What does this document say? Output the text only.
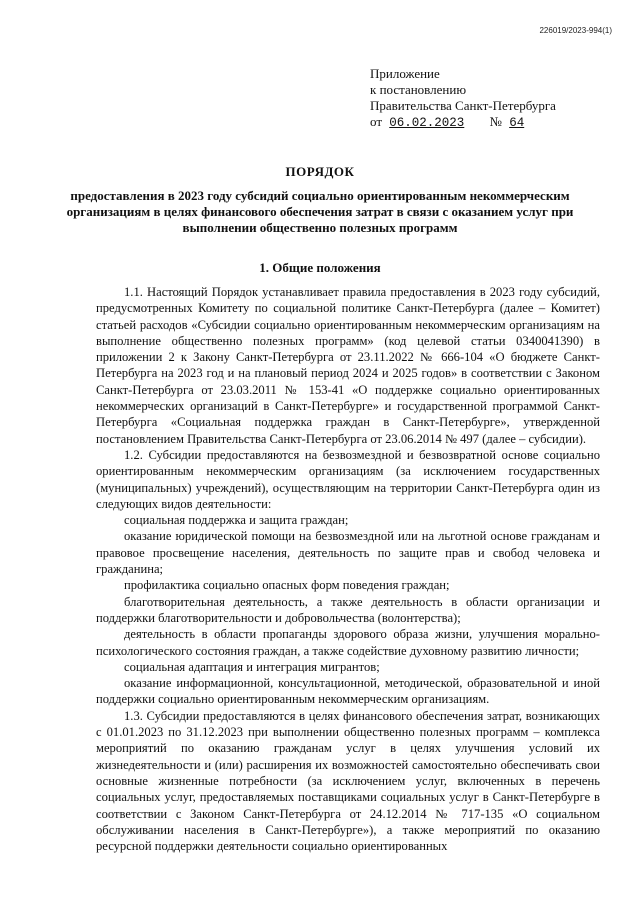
226019/2023-994(1)
Приложение
к постановлению
Правительства Санкт-Петербурга
от 06.02.2023 № 64
ПОРЯДОК
предоставления в 2023 году субсидий социально ориентированным некоммерческим организациям в целях финансового обеспечения затрат в связи с оказанием услуг при выполнении общественно полезных программ
1. Общие положения

1.1. Настоящий Порядок устанавливает правила предоставления в 2023 году субсидий, предусмотренных Комитету по социальной политике Санкт-Петербурга (далее – Комитет) статьей расходов «Субсидии социально ориентированным некоммерческим организациям на выполнение общественно полезных программ» (код целевой статьи 0340041390) в приложении 2 к Закону Санкт-Петербурга от 23.11.2022 № 666-104 «О бюджете Санкт-Петербурга на 2023 год и на плановый период 2024 и 2025 годов» в соответствии с Законом Санкт-Петербурга от 23.03.2011 № 153-41 «О поддержке социально ориентированных некоммерческих организаций в Санкт-Петербурге» и государственной программой Санкт-Петербурга «Социальная поддержка граждан в Санкт-Петербурге», утвержденной постановлением Правительства Санкт-Петербурга от 23.06.2014 № 497 (далее – субсидии).

1.2. Субсидии предоставляются на безвозмездной и безвозвратной основе социально ориентированным некоммерческим организациям (за исключением государственных (муниципальных) учреждений), осуществляющим на территории Санкт-Петербурга один из следующих видов деятельности:

социальная поддержка и защита граждан;

оказание юридической помощи на безвозмездной или на льготной основе гражданам и правовое просвещение населения, деятельность по защите прав и свобод человека и гражданина;

профилактика социально опасных форм поведения граждан;

благотворительная деятельность, а также деятельность в области организации и поддержки благотворительности и добровольчества (волонтерства);

деятельность в области пропаганды здорового образа жизни, улучшения морально-психологического состояния граждан, а также содействие духовному развитию личности;

социальная адаптация и интеграция мигрантов;

оказание информационной, консультационной, методической, образовательной и иной поддержки социально ориентированным некоммерческим организациям.

1.3. Субсидии предоставляются в целях финансового обеспечения затрат, возникающих с 01.01.2023 по 31.12.2023 при выполнении общественно полезных программ – комплекса мероприятий по оказанию гражданам услуг в целях улучшения условий их жизнедеятельности и (или) расширения их возможностей самостоятельно обеспечивать свои основные жизненные потребности (за исключением услуг, включенных в перечень социальных услуг, предоставляемых поставщиками социальных услуг в Санкт-Петербурге в соответствии с Законом Санкт-Петербурга от 24.12.2014 № 717-135 «О социальном обслуживании населения в Санкт-Петербурге»), а также мероприятий по оказанию ресурсной поддержки деятельности социально ориентированных
